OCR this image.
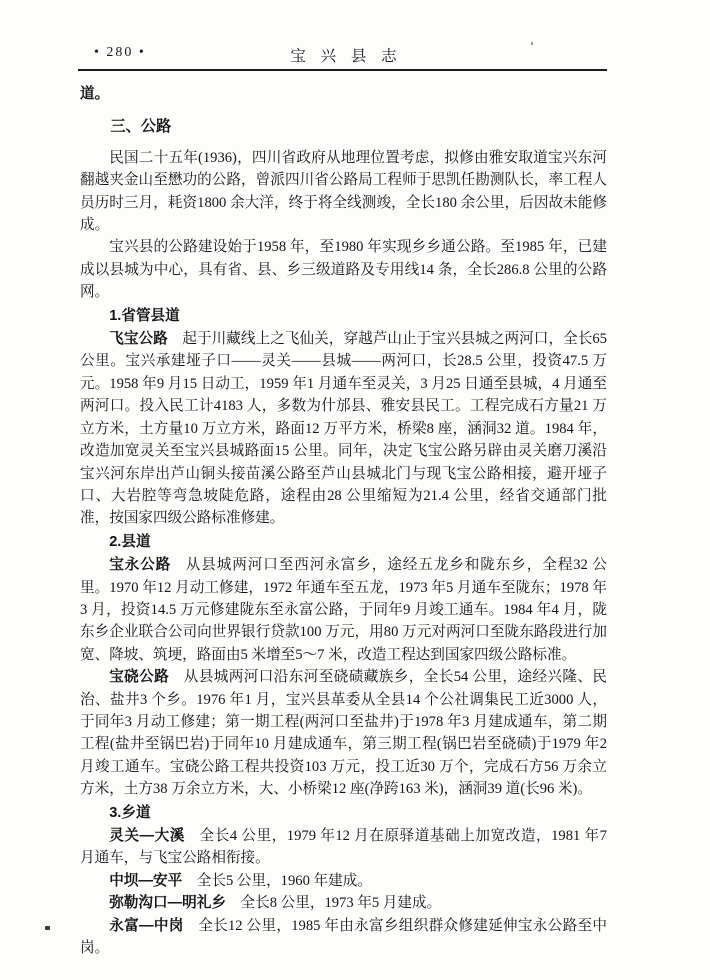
• 280 •	宝兴县志

道。

三、公路

民国二十五年(1936)，四川省政府从地理位置考虑，拟修由雅安取道宝兴东河翻越夹金山至懋功的公路，曾派四川省公路局工程师于思凯任勘测队长，率工程人员历时三月，耗资1800 余大洋，终于将全线测竣，全长180 余公里，后因故未能修成。

宝兴县的公路建设始于1958 年，至1980 年实现乡乡通公路。至1985 年，已建成以县城为中心，具有省、县、乡三级道路及专用线14 条，全长286.8 公里的公路网。

1.省管县道

飞宝公路 起于川藏线上之飞仙关，穿越芦山止于宝兴县城之两河口，全长65 公里。宝兴承建垭子口——灵关——县城——两河口，长28.5 公里，投资47.5 万元。1958 年9 月15 日动工，1959 年1 月通车至灵关，3 月25 日通至县城，4 月通至两河口。投入民工计4183 人，多数为什邡县、雅安县民工。工程完成石方量21 万立方米，土方量10 万立方米，路面12 万平方米，桥梁8 座，涵洞32 道。1984 年，改造加宽灵关至宝兴县城路面15 公里。同年，决定飞宝公路另辟由灵关磨刀溪沿宝兴河东岸出芦山铜头接苗溪公路至芦山县城北门与现飞宝公路相接，避开垭子口、大岩腔等弯急坡陡危路，途程由28 公里缩短为21.4 公里，经省交通部门批准，按国家四级公路标准修建。

2.县道

宝永公路 从县城两河口至西河永富乡，途经五龙乡和陇东乡，全程32 公里。1970 年12 月动工修建，1972 年通车至五龙，1973 年5 月通车至陇东；1978 年3 月，投资14.5 万元修建陇东至永富公路，于同年9 月竣工通车。1984 年4 月，陇东乡企业联合公司向世界银行贷款100 万元，用80 万元对两河口至陇东路段进行加宽、降坡、筑埂，路面由5 米增至5～7 米，改造工程达到国家四级公路标准。

宝硗公路 从县城两河口沿东河至硗碛藏族乡，全长54 公里，途经兴隆、民治、盐井3 个乡。1976 年1 月，宝兴县革委从全县14 个公社调集民工近3000 人，于同年3 月动工修建；第一期工程(两河口至盐井)于1978 年3 月建成通车，第二期工程(盐井至锅巴岩)于同年10 月建成通车，第三期工程(锅巴岩至硗碛)于1979 年2 月竣工通车。宝硗公路工程共投资103 万元，投工近30 万个，完成石方56 万余立方米，土方38 万余立方米，大、小桥梁12 座(净跨163 米)，涵洞39 道(长96 米)。

3.乡道

灵关—大溪 全长4 公里，1979 年12 月在原驿道基础上加宽改造，1981 年7 月通车，与飞宝公路相衔接。

中坝—安平 全长5 公里，1960 年建成。

弥勒沟口—明礼乡 全长8 公里，1973 年5 月建成。

永富—中岗 全长12 公里，1985 年由永富乡组织群众修建延伸宝永公路至中岗。
